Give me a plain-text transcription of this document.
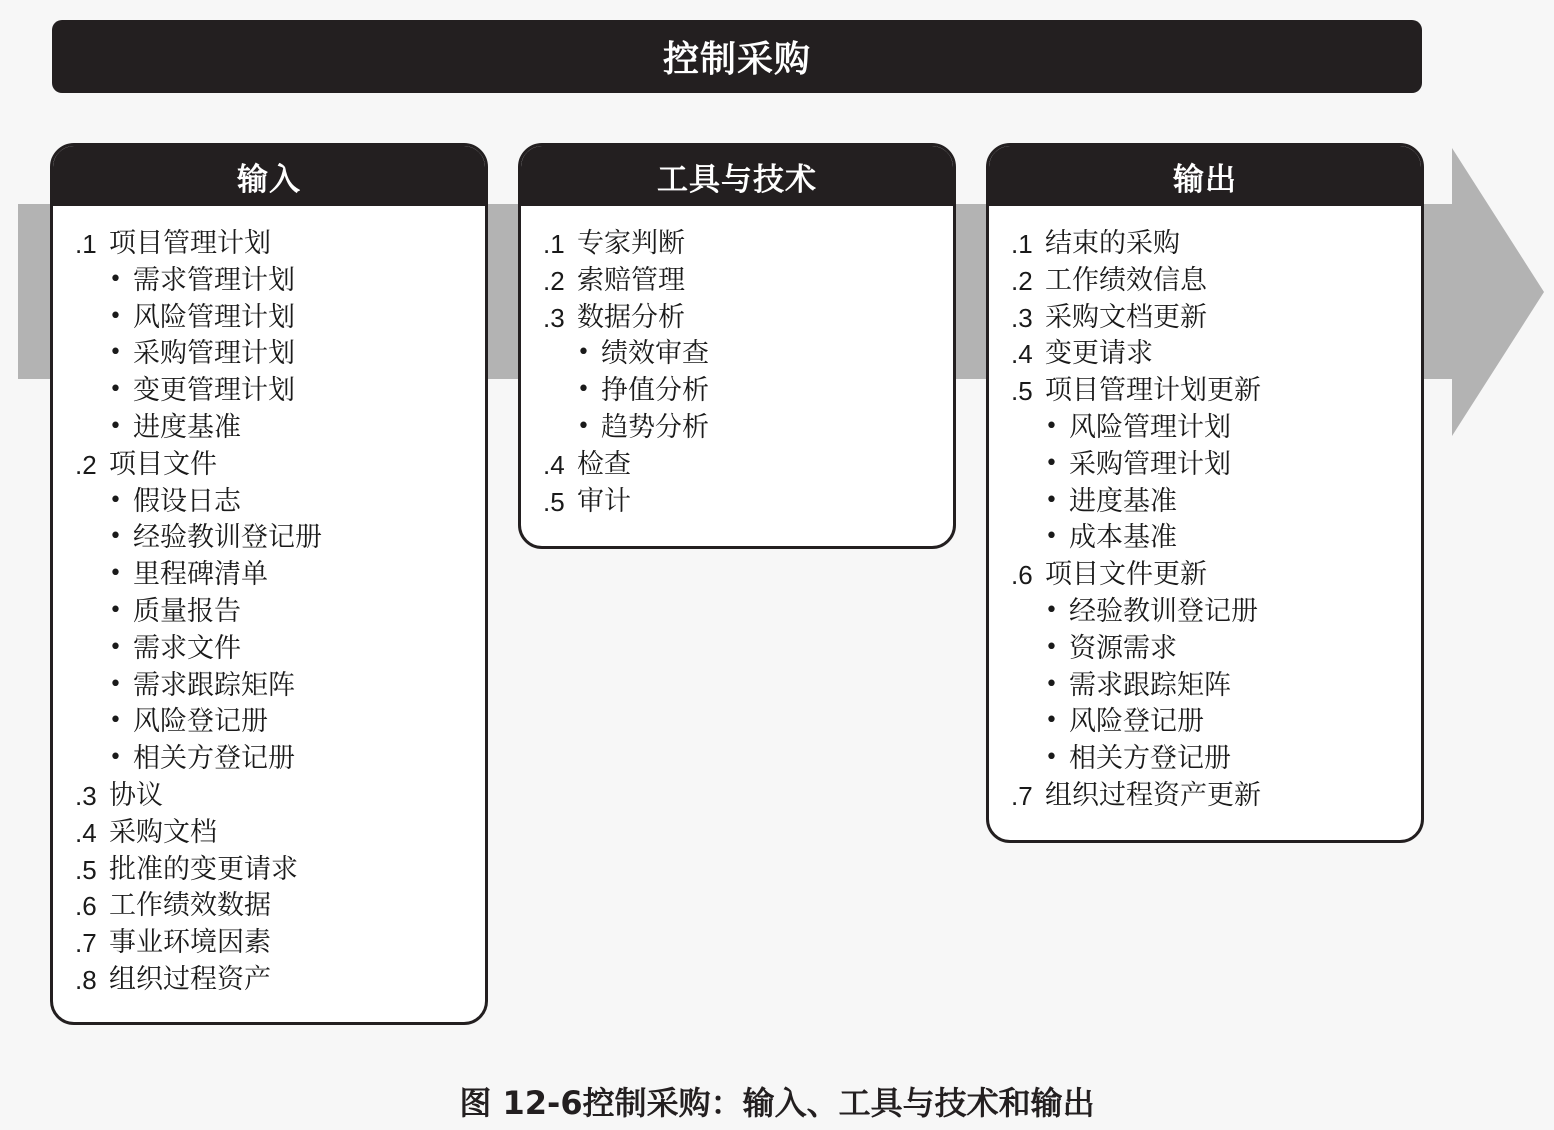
控制采购
输入
.1 项目管理计划
• 需求管理计划
• 风险管理计划
• 采购管理计划
• 变更管理计划
• 进度基准
.2 项目文件
• 假设日志
• 经验教训登记册
• 里程碑清单
• 质量报告
• 需求文件
• 需求跟踪矩阵
• 风险登记册
• 相关方登记册
.3 协议
.4 采购文档
.5 批准的变更请求
.6 工作绩效数据
.7 事业环境因素
.8 组织过程资产
工具与技术
.1 专家判断
.2 索赔管理
.3 数据分析
• 绩效审查
• 挣值分析
• 趋势分析
.4 检查
.5 审计
输出
.1 结束的采购
.2 工作绩效信息
.3 采购文档更新
.4 变更请求
.5 项目管理计划更新
• 风险管理计划
• 采购管理计划
• 进度基准
• 成本基准
.6 项目文件更新
• 经验教训登记册
• 资源需求
• 需求跟踪矩阵
• 风险登记册
• 相关方登记册
.7 组织过程资产更新
图 12-6控制采购：输入、工具与技术和输出
